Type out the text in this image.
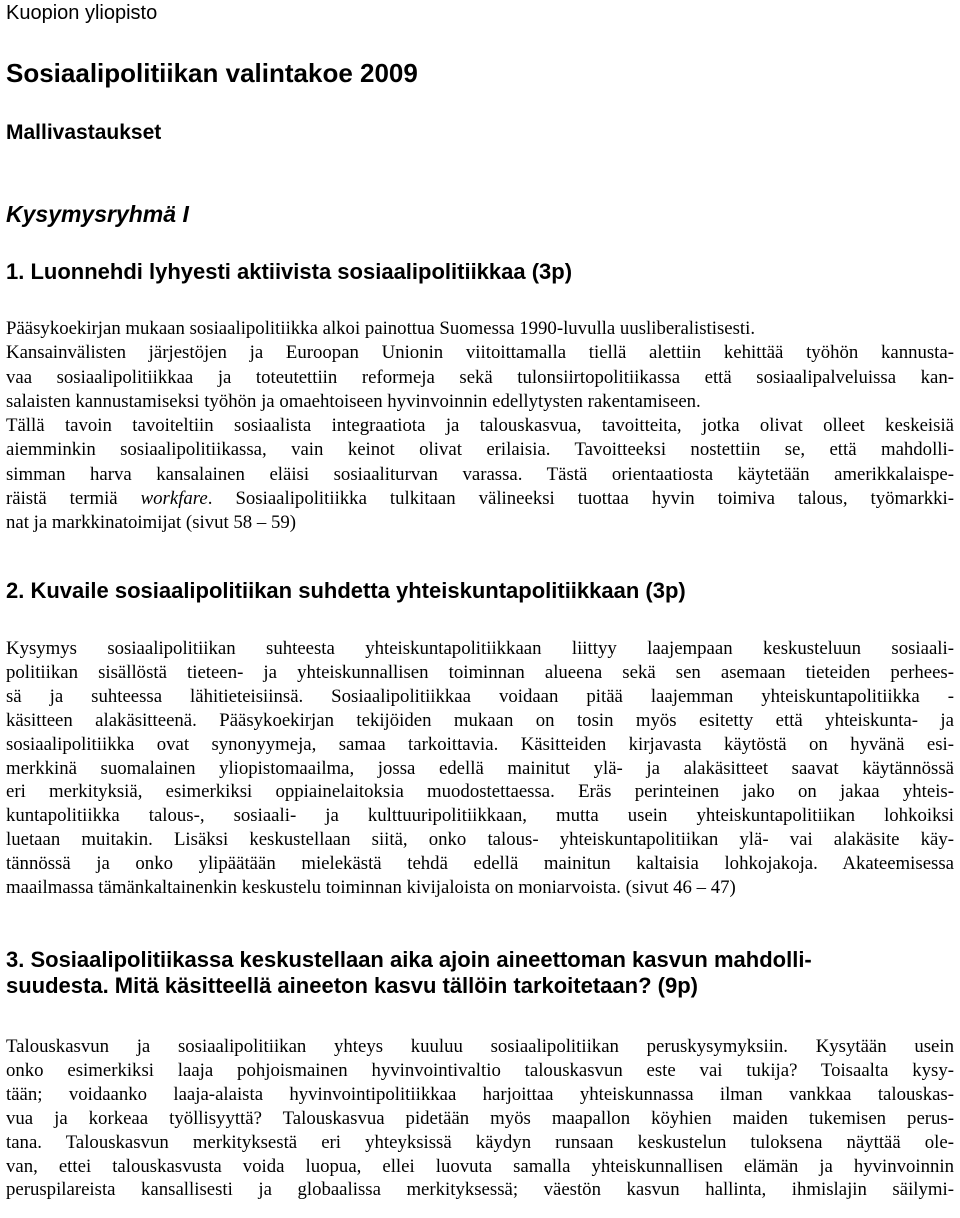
Kuopion yliopisto
Sosiaalipolitiikan valintakoe 2009
Mallivastaukset
Kysymysryhmä I
1. Luonnehdi lyhyesti aktiivista sosiaalipolitiikkaa (3p)
Pääsykoekirjan mukaan sosiaalipolitiikka alkoi painottua Suomessa 1990-luvulla uusliberalistisesti.
Kansainvälisten järjestöjen ja Euroopan Unionin viitoittamalla tiellä alettiin kehittää työhön kannusta-
vaa sosiaalipolitiikkaa ja toteutettiin reformeja sekä tulonsiirtopolitiikassa että sosiaalipalveluissa kan-
salaisten kannustamiseksi työhön ja omaehtoiseen hyvinvoinnin edellytysten rakentamiseen.
Tällä tavoin tavoiteltiin sosiaalista integraatiota ja talouskasvua, tavoitteita, jotka olivat olleet keskeisiä
aiemminkin sosiaalipolitiikassa, vain keinot olivat erilaisia. Tavoitteeksi nostettiin se, että mahdolli-
simman harva kansalainen eläisi sosiaaliturvan varassa. Tästä orientaatiosta käytetään amerikkalaispe-
räistä termiä workfare. Sosiaalipolitiikka tulkitaan välineeksi tuottaa hyvin toimiva talous, työmarkki-
nat ja markkinatoimijat (sivut 58 – 59)
2. Kuvaile sosiaalipolitiikan suhdetta yhteiskuntapolitiikkaan (3p)
Kysymys sosiaalipolitiikan suhteesta yhteiskuntapolitiikkaan liittyy laajempaan keskusteluun sosiaali-
politiikan sisällöstä tieteen- ja yhteiskunnallisen toiminnan alueena sekä sen asemaan tieteiden perhees-
sä ja suhteessa lähitieteisiinsä. Sosiaalipolitiikkaa voidaan pitää laajemman yhteiskuntapolitiikka -
käsitteen alakäsitteenä. Pääsykoekirjan tekijöiden mukaan on tosin myös esitetty että yhteiskunta- ja
sosiaalipolitiikka ovat synonyymeja, samaa tarkoittavia. Käsitteiden kirjavasta käytöstä on hyvänä esi-
merkkinä suomalainen yliopistomaailma, jossa edellä mainitut ylä- ja alakäsitteet saavat käytännössä
eri merkityksiä, esimerkiksi oppiainelaitoksia muodostettaessa. Eräs perinteinen jako on jakaa yhteis-
kuntapolitiikka talous-, sosiaali- ja kulttuuripolitiikkaan, mutta usein yhteiskuntapolitiikan lohkoiksi
luetaan muitakin. Lisäksi keskustellaan siitä, onko talous- yhteiskuntapolitiikan ylä- vai alakäsite käy-
tännössä ja onko ylipäätään mielekästä tehdä edellä mainitun kaltaisia lohkojakoja. Akateemisessa
maailmassa tämänkaltainenkin keskustelu toiminnan kivijaloista on moniarvoista. (sivut 46 – 47)
3. Sosiaalipolitiikassa keskustellaan aika ajoin aineettoman kasvun mahdolli-
suudesta. Mitä käsitteellä aineeton kasvu tällöin tarkoitetaan? (9p)
Talouskasvun ja sosiaalipolitiikan yhteys kuuluu sosiaalipolitiikan peruskysymyksiin. Kysytään usein
onko esimerkiksi laaja pohjoismainen hyvinvointivaltio talouskasvun este vai tukija? Toisaalta kysy-
tään; voidaanko laaja-alaista hyvinvointipolitiikkaa harjoittaa yhteiskunnassa ilman vankkaa talouskas-
vua ja korkeaa työllisyyttä? Talouskasvua pidetään myös maapallon köyhien maiden tukemisen perus-
tana. Talouskasvun merkityksestä eri yhteyksissä käydyn runsaan keskustelun tuloksena näyttää ole-
van, ettei talouskasvusta voida luopua, ellei luovuta samalla yhteiskunnallisen elämän ja hyvinvoinnin
peruspilareista kansallisesti ja globaalissa merkityksessä; väestön kasvun hallinta, ihmislajin säilymi-
